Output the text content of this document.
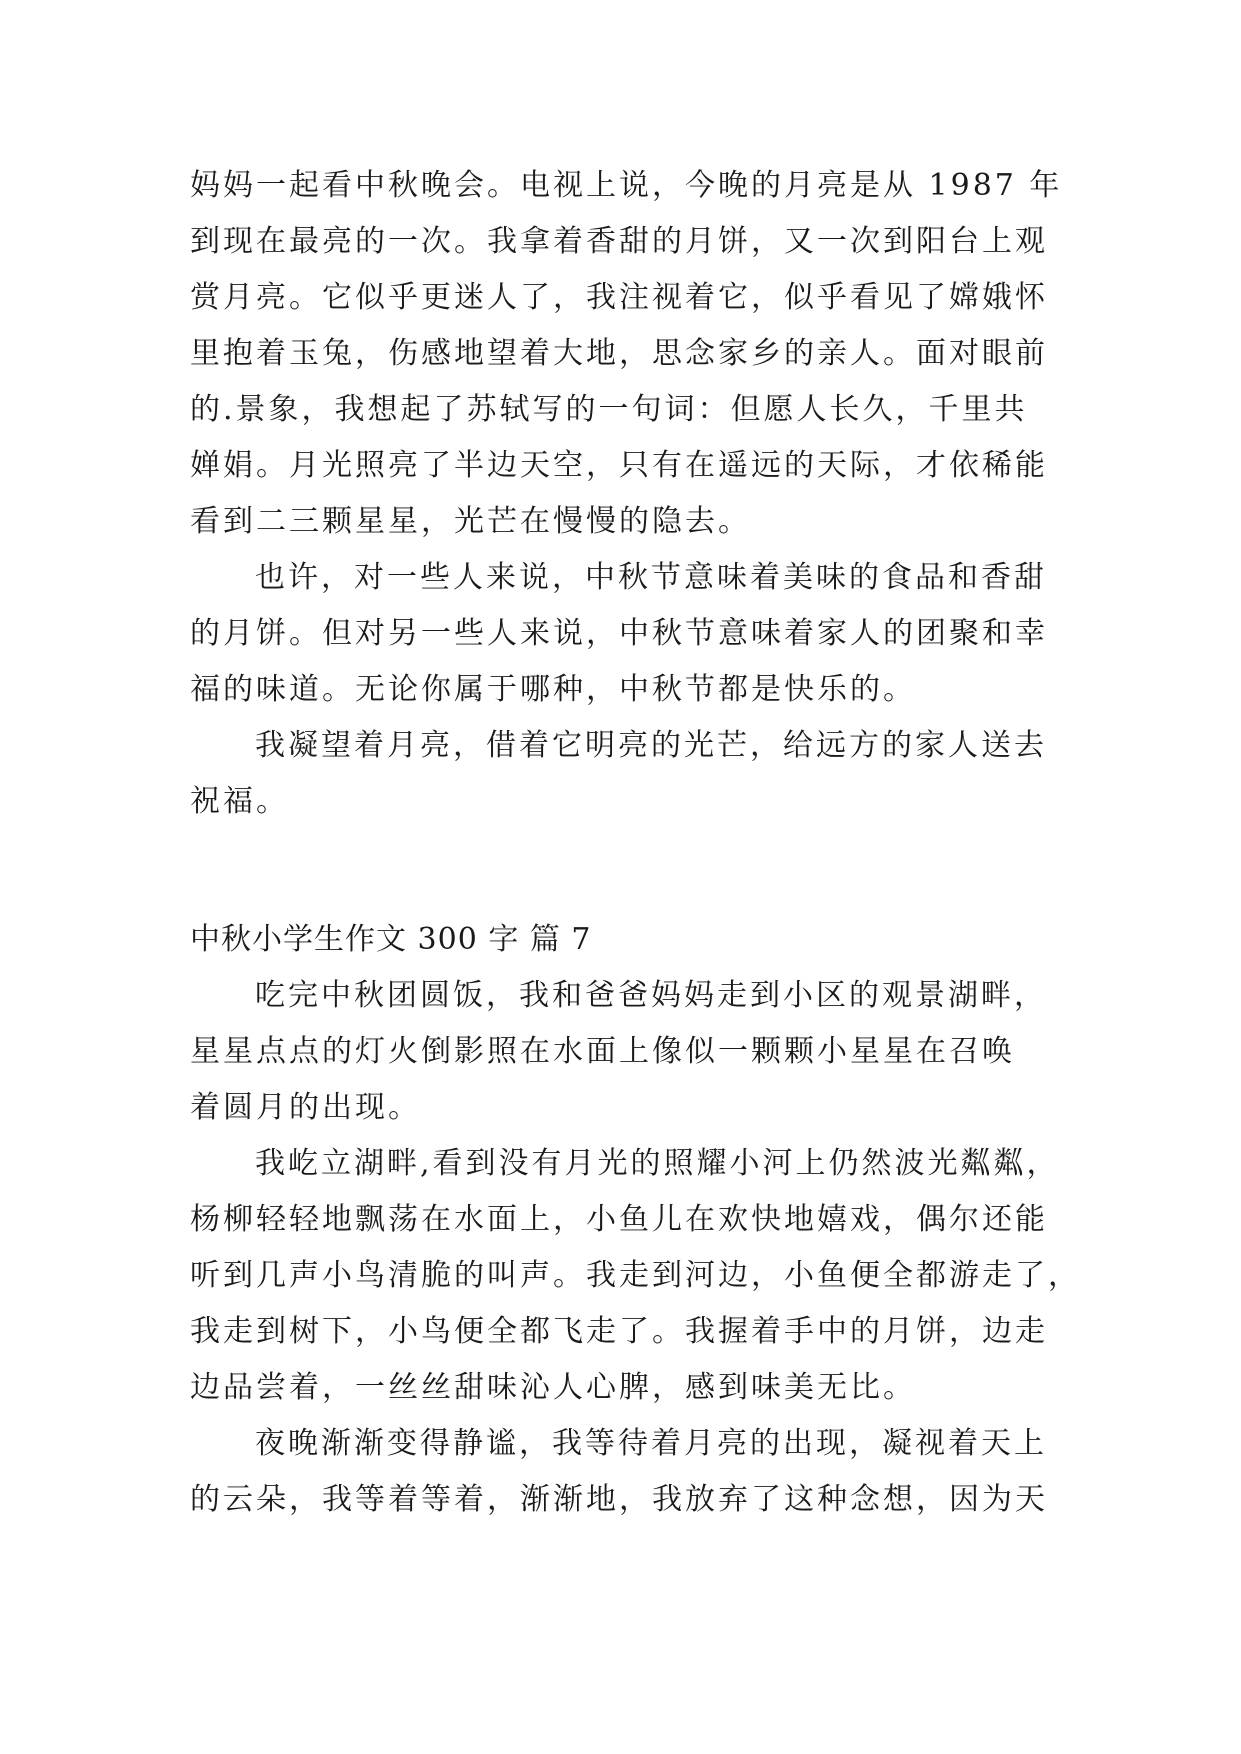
妈妈一起看中秋晚会。电视上说，今晚的月亮是从 1987 年
到现在最亮的一次。我拿着香甜的月饼，又一次到阳台上观
赏月亮。它似乎更迷人了，我注视着它，似乎看见了嫦娥怀
里抱着玉兔，伤感地望着大地，思念家乡的亲人。面对眼前
的.景象，我想起了苏轼写的一句词：但愿人长久，千里共
婵娟。月光照亮了半边天空，只有在遥远的天际，才依稀能
看到二三颗星星，光芒在慢慢的隐去。
也许，对一些人来说，中秋节意味着美味的食品和香甜
的月饼。但对另一些人来说，中秋节意味着家人的团聚和幸
福的味道。无论你属于哪种，中秋节都是快乐的。
我凝望着月亮，借着它明亮的光芒，给远方的家人送去
祝福。
中秋小学生作文 300 字 篇 7
吃完中秋团圆饭，我和爸爸妈妈走到小区的观景湖畔，
星星点点的灯火倒影照在水面上像似一颗颗小星星在召唤
着圆月的出现。
我屹立湖畔,看到没有月光的照耀小河上仍然波光粼粼，
杨柳轻轻地飘荡在水面上，小鱼儿在欢快地嬉戏，偶尔还能
听到几声小鸟清脆的叫声。我走到河边，小鱼便全都游走了，
我走到树下，小鸟便全都飞走了。我握着手中的月饼，边走
边品尝着，一丝丝甜味沁人心脾，感到味美无比。
夜晚渐渐变得静谧，我等待着月亮的出现，凝视着天上
的云朵，我等着等着，渐渐地，我放弃了这种念想，因为天
